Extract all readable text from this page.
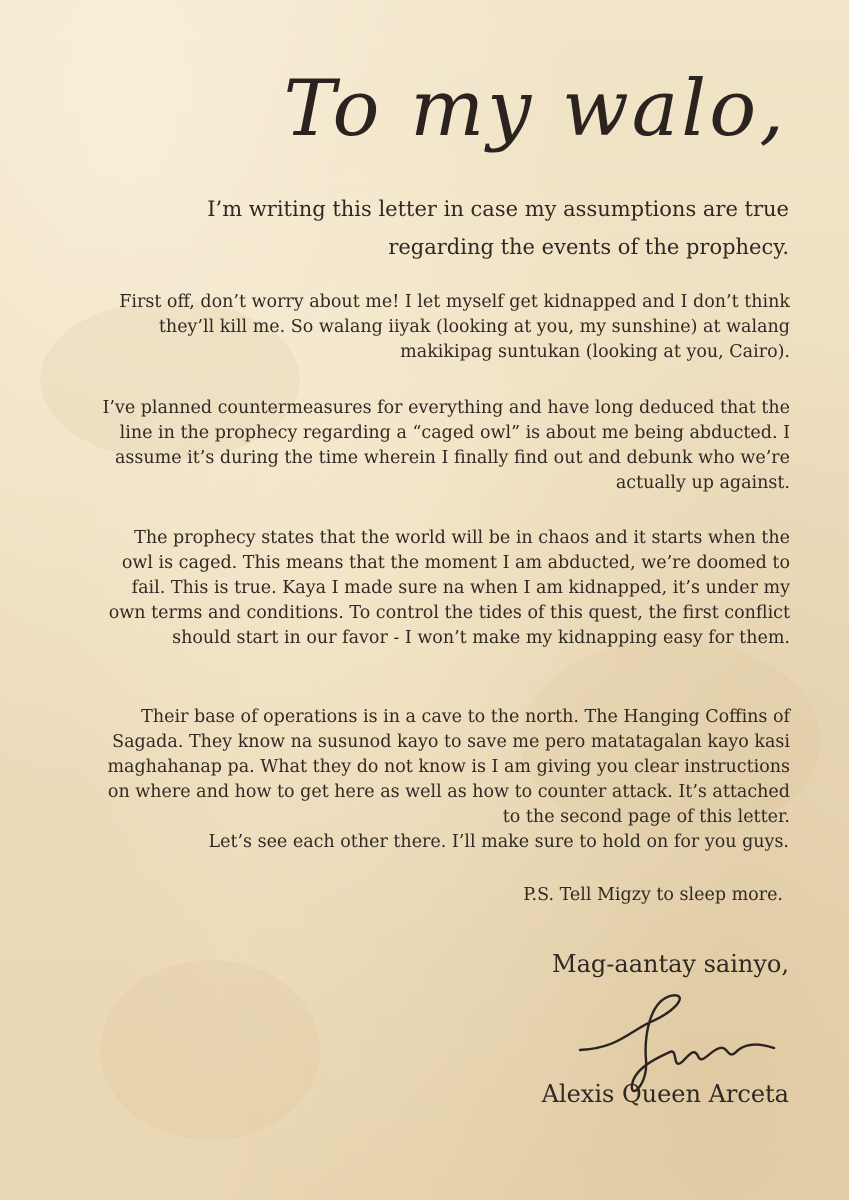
To my walo,
I’m writing this letter in case my assumptions are true
regarding the events of the prophecy.

First off, don’t worry about me! I let myself get kidnapped and I don’t think
they’ll kill me. So walang iiyak (looking at you, my sunshine) at walang
makikipag suntukan (looking at you, Cairo).

I’ve planned countermeasures for everything and have long deduced that the
line in the prophecy regarding a “caged owl” is about me being abducted. I
assume it’s during the time wherein I finally find out and debunk who we’re
actually up against.

The prophecy states that the world will be in chaos and it starts when the
owl is caged. This means that the moment I am abducted, we’re doomed to
fail. This is true. Kaya I made sure na when I am kidnapped, it’s under my
own terms and conditions. To control the tides of this quest, the first conflict
should start in our favor - I won’t make my kidnapping easy for them.

Their base of operations is in a cave to the north. The Hanging Coffins of
Sagada. They know na susunod kayo to save me pero matatagalan kayo kasi
maghahanap pa. What they do not know is I am giving you clear instructions
on where and how to get here as well as how to counter attack. It’s attached
to the second page of this letter.

Let’s see each other there. I’ll make sure to hold on for you guys.
P.S. Tell Migzy to sleep more.
Mag-aantay sainyo,
Alexis Queen Arceta
